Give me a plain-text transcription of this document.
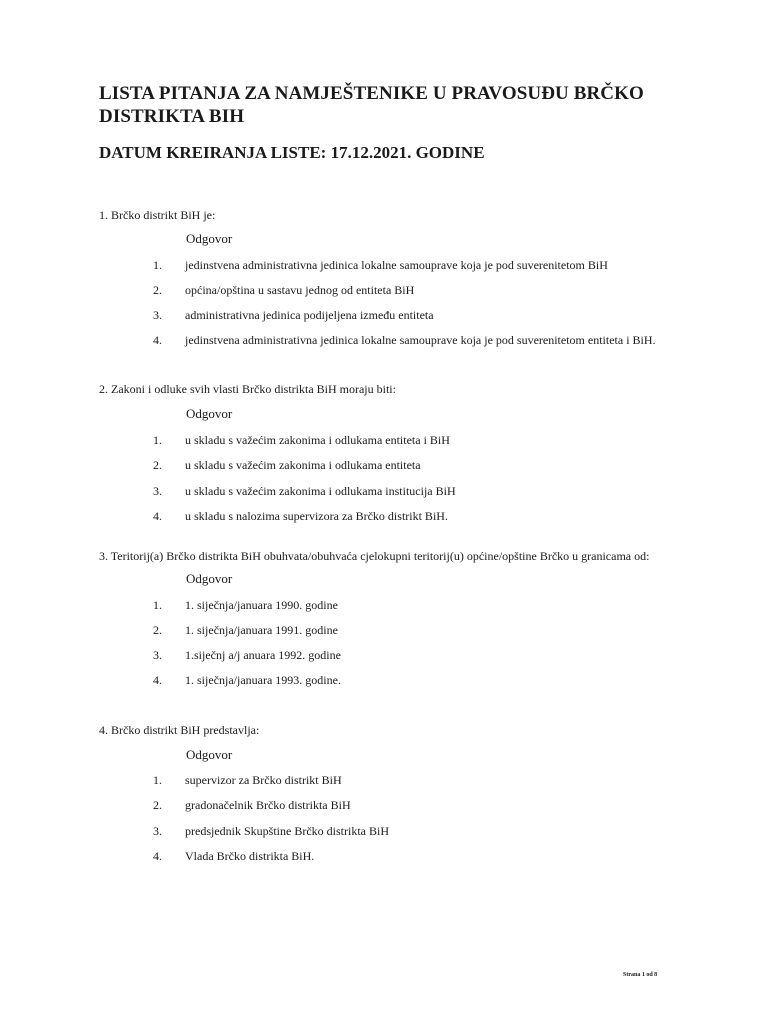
LISTA PITANJA ZA NAMJEŠTENIKE U PRAVOSUĐU BRČKO DISTRIKTA BIH
DATUM KREIRANJA LISTE: 17.12.2021. GODINE

1. Brčko distrikt BiH je:

Odgovor

1.	jedinstvena administrativna jedinica lokalne samouprave koja je pod suverenitetom BiH
2.	općina/opština u sastavu jednog od entiteta BiH
3.	administrativna jedinica podijeljena između entiteta
4.	jedinstvena administrativna jedinica lokalne samouprave koja je pod suverenitetom entiteta i BiH.

2. Zakoni i odluke svih vlasti Brčko distrikta BiH moraju biti:

Odgovor

1.	u skladu s važećim zakonima i odlukama entiteta i BiH
2.	u skladu s važećim zakonima i odlukama entiteta
3.	u skladu s važećim zakonima i odlukama institucija BiH
4.	u skladu s nalozima supervizora za Brčko distrikt BiH.

3. Teritorij(a) Brčko distrikta BiH obuhvata/obuhvaća cjelokupni teritorij(u) općine/opštine Brčko u granicama od:

Odgovor

1.	1. siječnja/januara 1990. godine
2.	1. siječnja/januara 1991. godine
3.	1.siječnj a/j anuara 1992. godine
4.	1. siječnja/januara 1993. godine.

4. Brčko distrikt BiH predstavlja:

Odgovor

1.	supervizor za Brčko distrikt BiH
2.	gradonačelnik Brčko distrikta BiH
3.	predsjednik Skupštine Brčko distrikta BiH
4.	Vlada Brčko distrikta BiH.
Strana 1 od 8
